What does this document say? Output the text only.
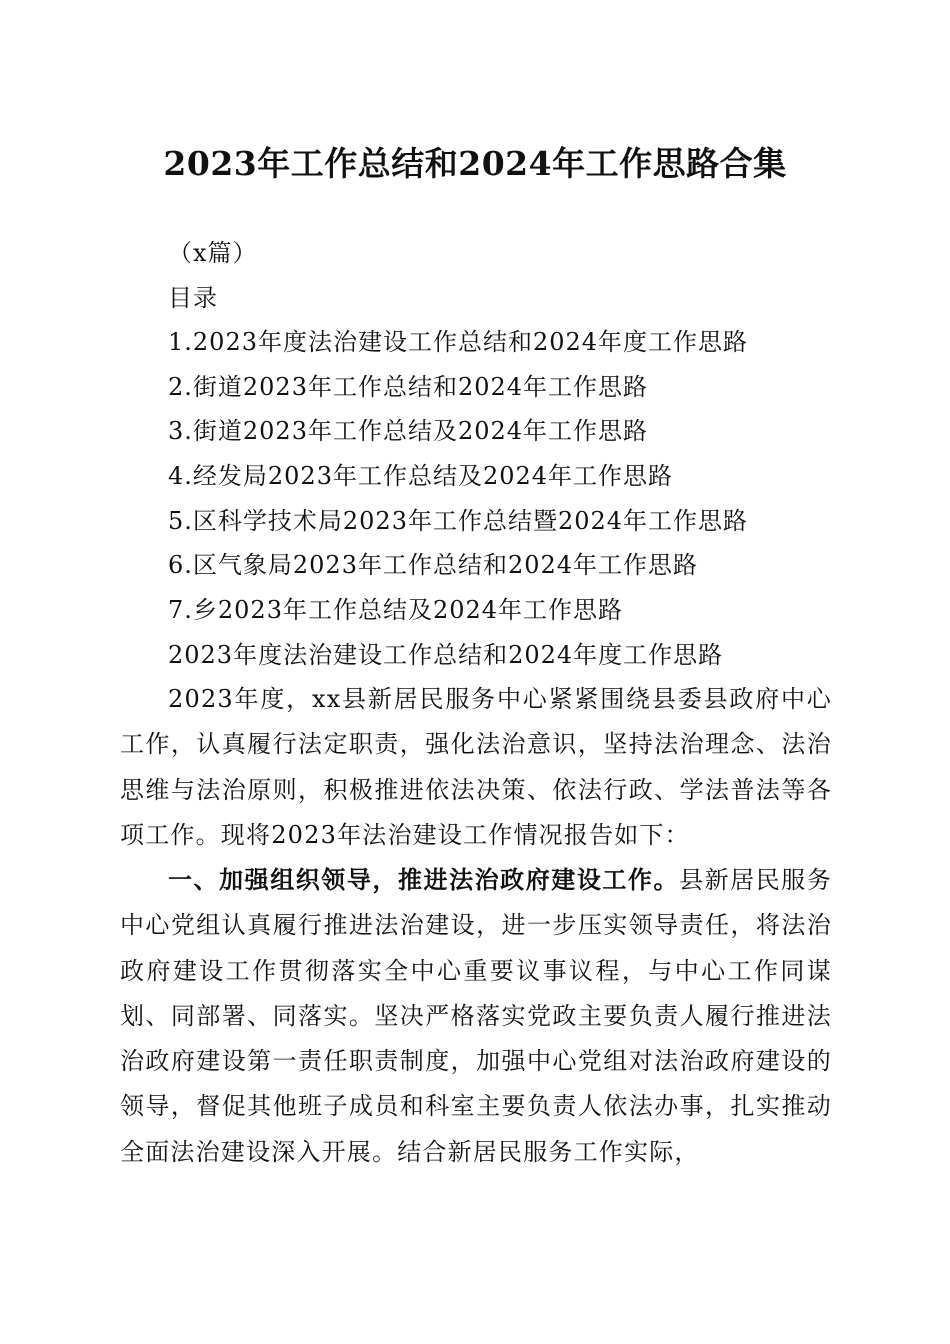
2023年工作总结和2024年工作思路合集
（x篇）
目录
1.2023年度法治建设工作总结和2024年度工作思路
2.街道2023年工作总结和2024年工作思路
3.街道2023年工作总结及2024年工作思路
4.经发局2023年工作总结及2024年工作思路
5.区科学技术局2023年工作总结暨2024年工作思路
6.区气象局2023年工作总结和2024年工作思路
7.乡2023年工作总结及2024年工作思路
2023年度法治建设工作总结和2024年度工作思路
2023年度，xx县新居民服务中心紧紧围绕县委县政府中心工作，认真履行法定职责，强化法治意识，坚持法治理念、法治思维与法治原则，积极推进依法决策、依法行政、学法普法等各项工作。现将2023年法治建设工作情况报告如下：
一、加强组织领导，推进法治政府建设工作。县新居民服务中心党组认真履行推进法治建设，进一步压实领导责任，将法治政府建设工作贯彻落实全中心重要议事议程，与中心工作同谋划、同部署、同落实。坚决严格落实党政主要负责人履行推进法治政府建设第一责任职责制度，加强中心党组对法治政府建设的领导，督促其他班子成员和科室主要负责人依法办事，扎实推动全面法治建设深入开展。结合新居民服务工作实际，
